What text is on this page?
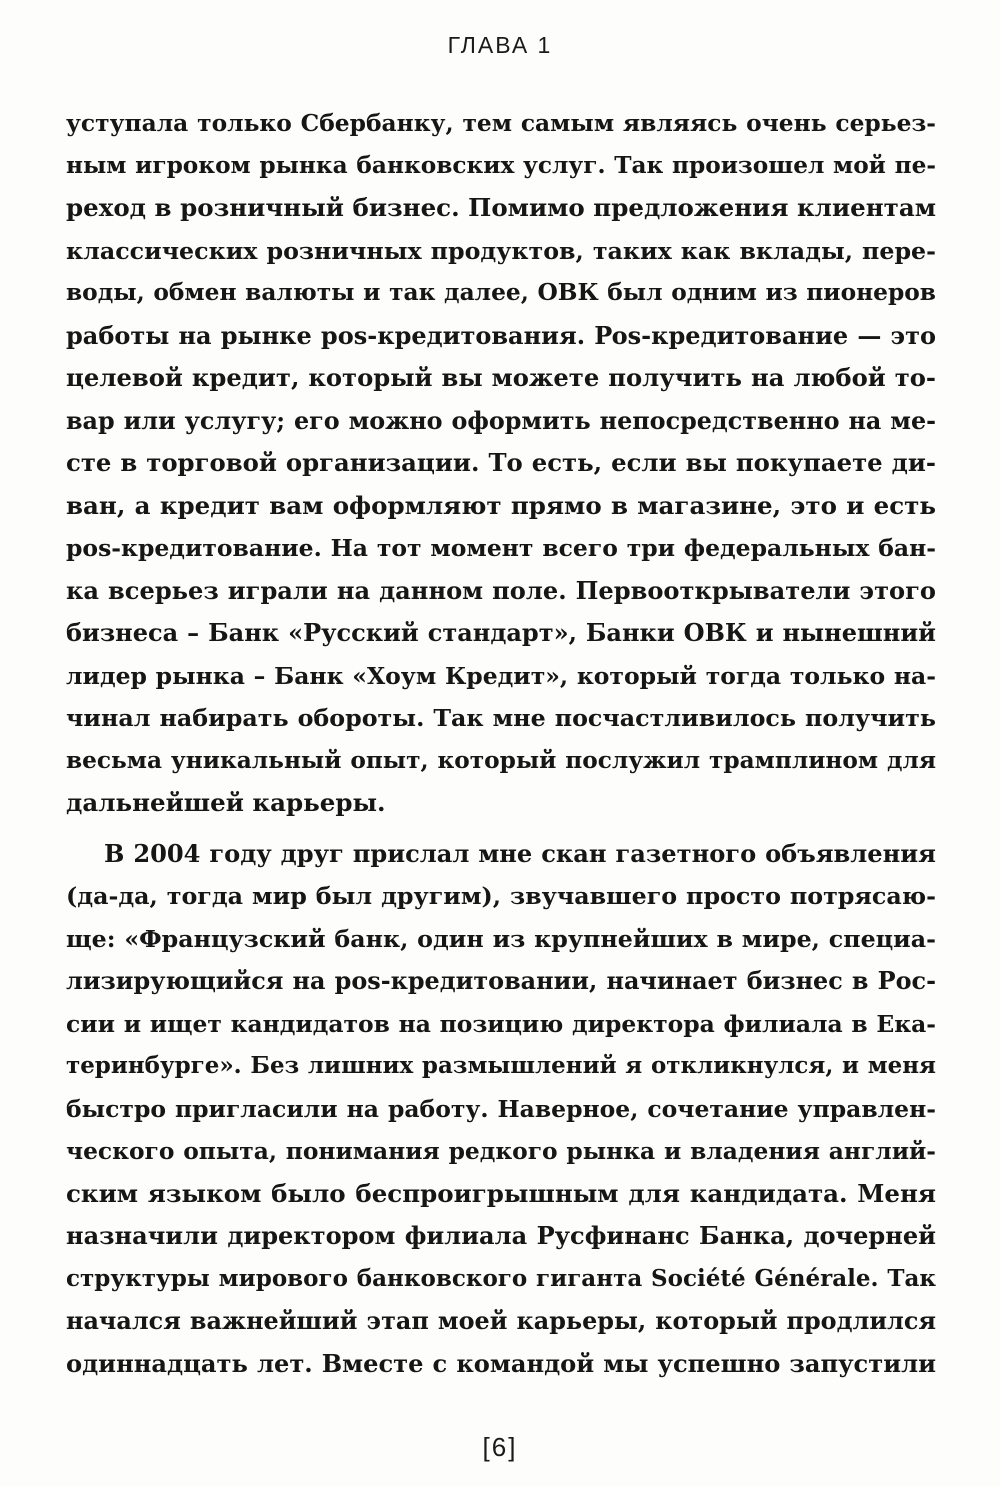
ГЛАВА 1
уступала только Сбербанку, тем самым являясь очень серьез-
ным игроком рынка банковских услуг. Так произошел мой пе-
реход в розничный бизнес. Помимо предложения клиентам
классических розничных продуктов, таких как вклады, пере-
воды, обмен валюты и так далее, ОВК был одним из пионеров
работы на рынке pos-кредитования. Pos-кредитование — это
целевой кредит, который вы можете получить на любой то-
вар или услугу; его можно оформить непосредственно на ме-
сте в торговой организации. То есть, если вы покупаете ди-
ван, а кредит вам оформляют прямо в магазине, это и есть
pos-кредитование. На тот момент всего три федеральных бан-
ка всерьез играли на данном поле. Первооткрыватели этого
бизнеса – Банк «Русский стандарт», Банки ОВК и нынешний
лидер рынка – Банк «Хоум Кредит», который тогда только на-
чинал набирать обороты. Так мне посчастливилось получить
весьма уникальный опыт, который послужил трамплином для
дальнейшей карьеры.
В 2004 году друг прислал мне скан газетного объявления
(да-да, тогда мир был другим), звучавшего просто потрясаю-
ще: «Французский банк, один из крупнейших в мире, специа-
лизирующийся на pos-кредитовании, начинает бизнес в Рос-
сии и ищет кандидатов на позицию директора филиала в Ека-
теринбурге». Без лишних размышлений я откликнулся, и меня
быстро пригласили на работу. Наверное, сочетание управлен-
ческого опыта, понимания редкого рынка и владения англий-
ским языком было беспроигрышным для кандидата. Меня
назначили директором филиала Русфинанс Банка, дочерней
структуры мирового банковского гиганта Société Générale. Так
начался важнейший этап моей карьеры, который продлился
одиннадцать лет. Вместе с командой мы успешно запустили
[6]
